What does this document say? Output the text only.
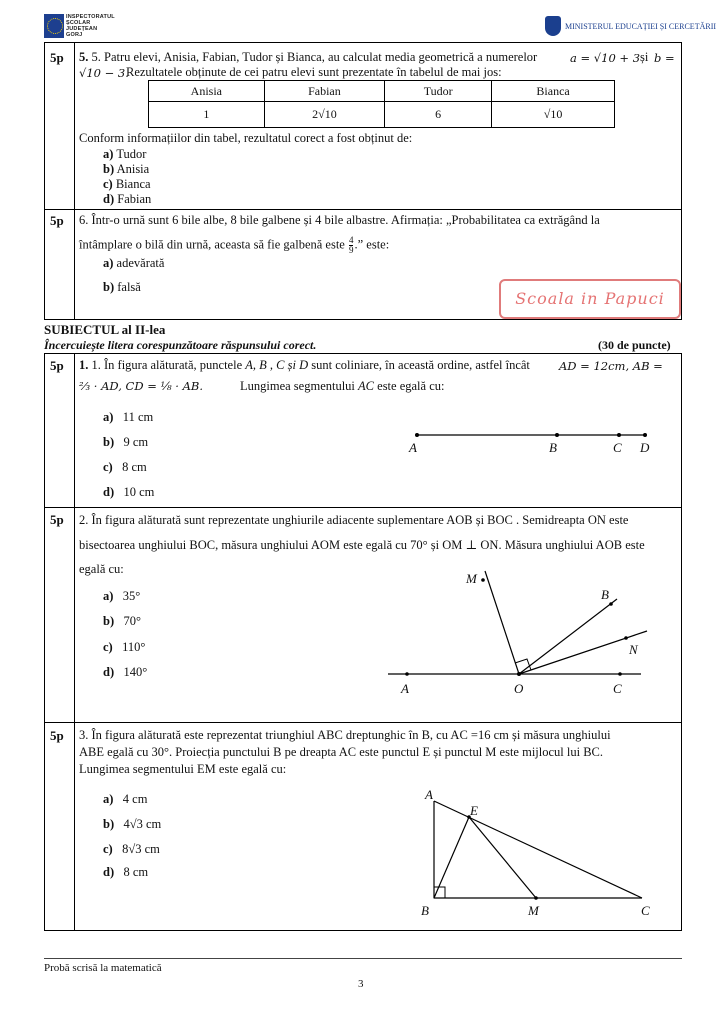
INSPECTORATUL
ȘCOLAR
JUDEȚEAN
GORJ
MINISTERUL EDUCAȚIEI ȘI CERCETĂRII
5p 5. 5. Patru elevi, Anisia, Fabian, Tudor și Bianca, au calculat media geometrică a numerelor	a = √10 + 3 și b =
√10 − 3.
Rezultatele obținute de cei patru elevi sunt prezentate în tabelul de mai jos:
Anisia	Fabian	Tudor	Bianca
1	2√10	6	√10
Conform informațiilor din tabel, rezultatul corect a fost obținut de:
a) Tudor
b) Anisia
c) Bianca
d) Fabian
5p 6. Într-o urnă sunt 6 bile albe, 8 bile galbene și 4 bile albastre. Afirmația: „Probabilitatea ca extrăgând la
întâmplare o bilă din urnă, aceasta să fie galbenă este $\frac{4}{9}$ .” este:
a) adevărată
b) falsă
Scoala in Papuci
SUBIECTUL al II-lea
Încercuiește litera corespunzătoare răspunsului corect.	(30 de puncte)
5p 1. 1. În figura alăturată, punctele A, B , C și D sunt coliniare, în această ordine, astfel încât	AD = 12cm, AB =
⅔ · AD, CD = ⅛ · AB.	Lungimea segmentului AC este egală cu:
a) 11 cm
b) 9 cm
c) 8 cm
d) 10 cm
A	B	C D
5p 2. În figura alăturată sunt reprezentate unghiurile adiacente suplementare AOB și BOC . Semidreapta ON este
bisectoarea unghiului BOC, măsura unghiului AOM este egală cu 70° și OM ⊥ ON. Măsura unghiului AOB este
egală cu:
a) 35°
b) 70°
c) 110°
d) 140°
M
B
N
A	O	C
5p 3. În figura alăturată este reprezentat triunghiul ABC dreptunghic în B, cu AC =16 cm și măsura unghiului
ABE egală cu 30°. Proiecția punctului B pe dreapta AC este punctul E și punctul M este mijlocul lui BC.
Lungimea segmentului EM este egală cu:
a) 4 cm
b) 4√3 cm
c) 8√3 cm
d) 8 cm
A
E
B	M	C
Probă scrisă la matematică
3
